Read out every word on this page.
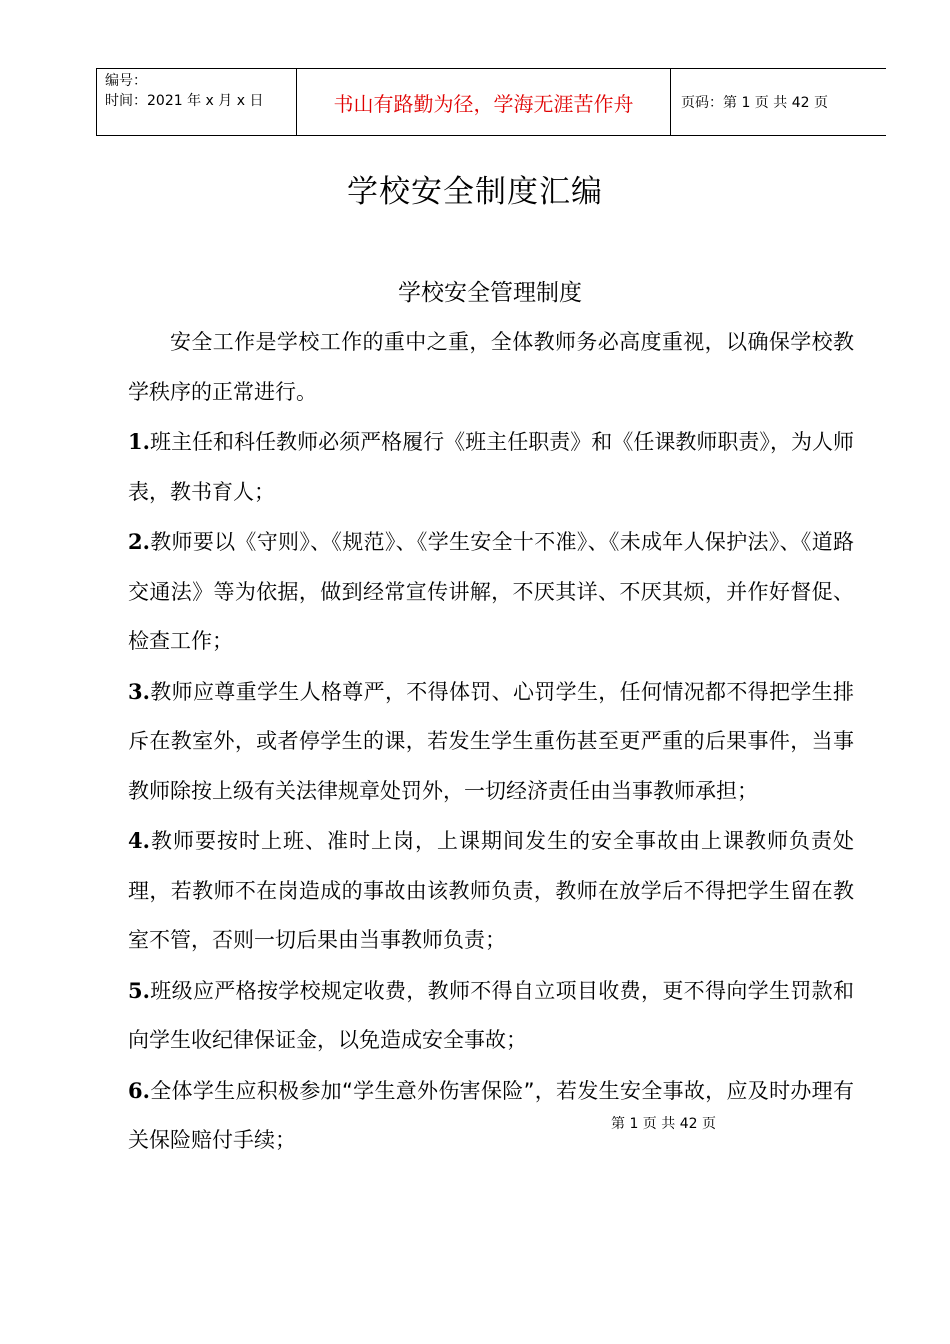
编号：
时间：2021 年 x 月 x 日	书山有路勤为径，学海无涯苦作舟	页码：第 1 页 共 42 页
学校安全制度汇编
学校安全管理制度

安全工作是学校工作的重中之重，全体教师务必高度重视，以确保学校教学秩序的正常进行。

1.班主任和科任教师必须严格履行《班主任职责》和《任课教师职责》，为人师表，教书育人；

2.教师要以《守则》、《规范》、《学生安全十不准》、《未成年人保护法》、《道路交通法》等为依据，做到经常宣传讲解，不厌其详、不厌其烦，并作好督促、检查工作；

3.教师应尊重学生人格尊严，不得体罚、心罚学生，任何情况都不得把学生排斥在教室外，或者停学生的课，若发生学生重伤甚至更严重的后果事件，当事教师除按上级有关法律规章处罚外，一切经济责任由当事教师承担；

4.教师要按时上班、准时上岗，上课期间发生的安全事故由上课教师负责处理，若教师不在岗造成的事故由该教师负责，教师在放学后不得把学生留在教室不管，否则一切后果由当事教师负责；

5.班级应严格按学校规定收费，教师不得自立项目收费，更不得向学生罚款和向学生收纪律保证金，以免造成安全事故；

6.全体学生应积极参加“学生意外伤害保险”，若发生安全事故，应及时办理有关保险赔付手续；

第 1 页 共 42 页
